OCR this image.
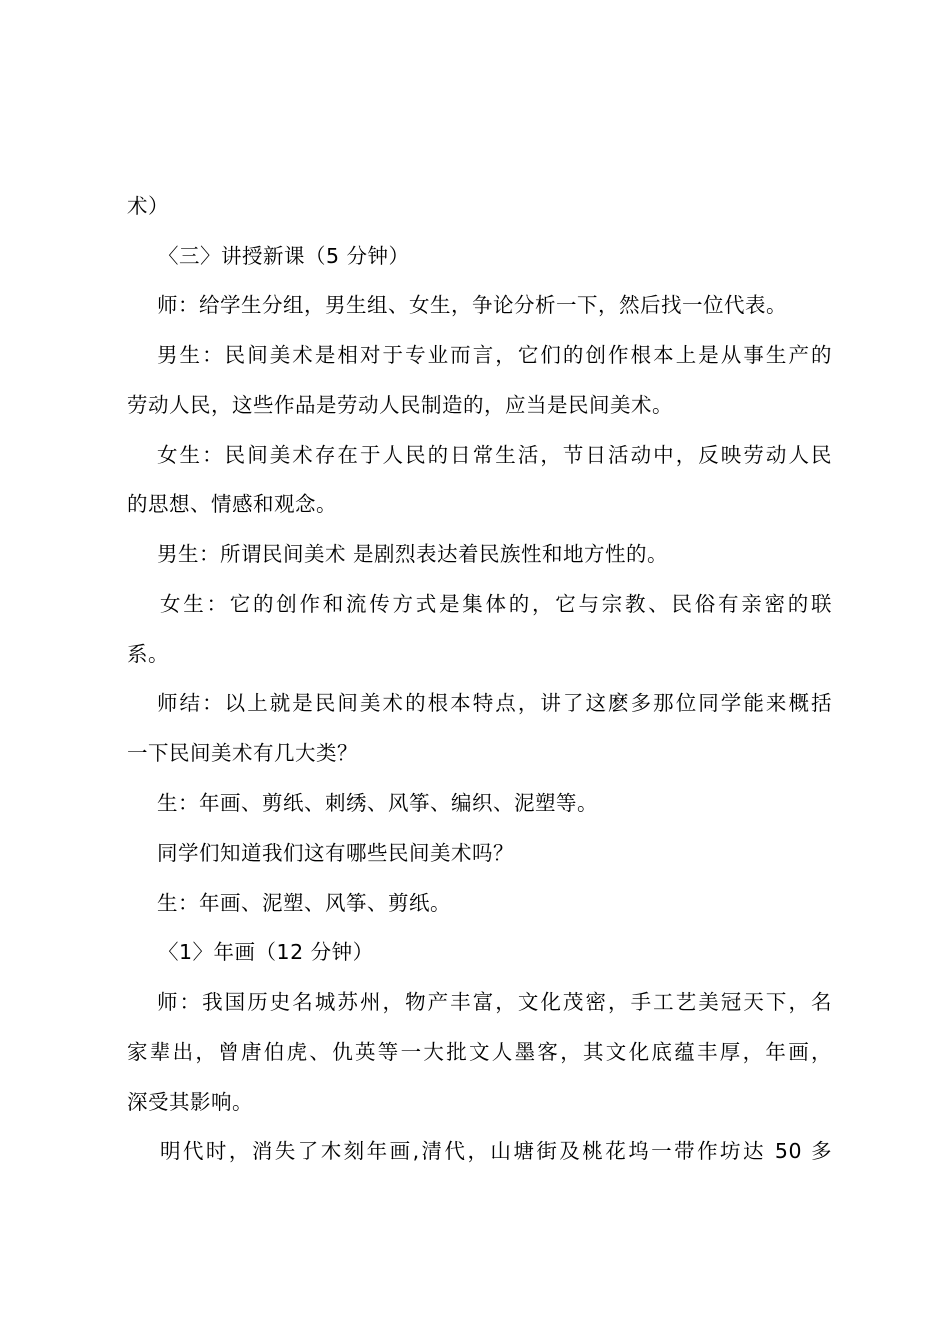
术）
〈三〉讲授新课（5 分钟）
师：给学生分组，男生组、女生，争论分析一下，然后找一位代表。
男生：民间美术是相对于专业而言，它们的创作根本上是从事生产的
劳动人民，这些作品是劳动人民制造的，应当是民间美术。
女生：民间美术存在于人民的日常生活，节日活动中，反映劳动人民
的思想、情感和观念。
男生：所谓民间美术 是剧烈表达着民族性和地方性的。
女生：它的创作和流传方式是集体的，它与宗教、民俗有亲密的联
系。
师结：以上就是民间美术的根本特点，讲了这麽多那位同学能来概括
一下民间美术有几大类？
生：年画、剪纸、刺绣、风筝、编织、泥塑等。
同学们知道我们这有哪些民间美术吗？
生：年画、泥塑、风筝、剪纸。
〈1〉年画（12 分钟）
师：我国历史名城苏州，物产丰富，文化茂密，手工艺美冠天下，名
家辈出，曾唐伯虎、仇英等一大批文人墨客，其文化底蕴丰厚，年画，
深受其影响。
明代时，消失了木刻年画,清代，山塘街及桃花坞一带作坊达 50 多
